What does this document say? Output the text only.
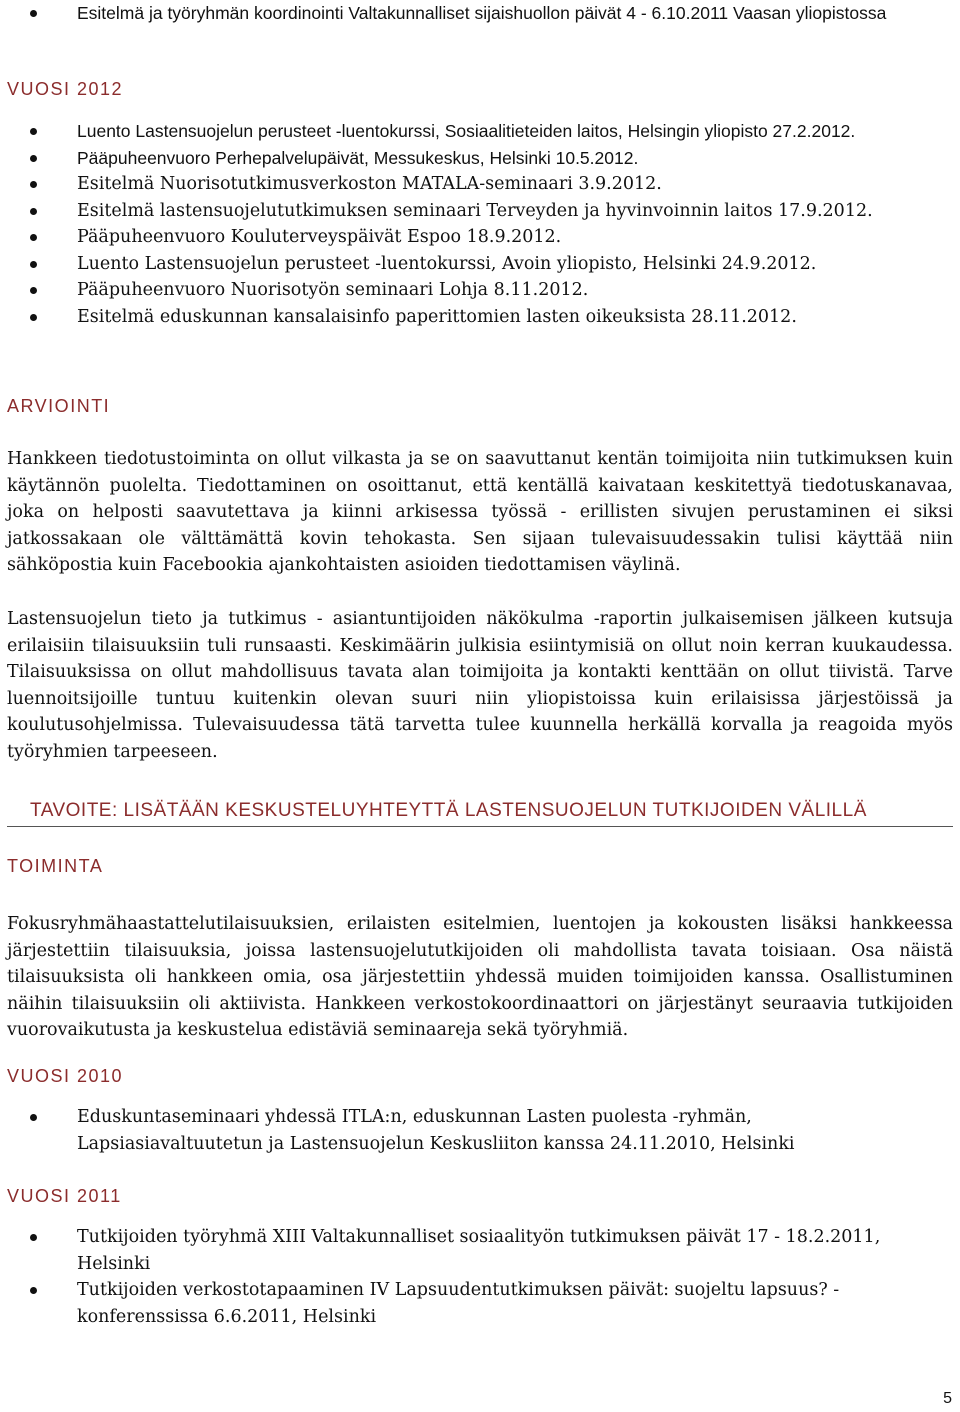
Esitelmä ja työryhmän koordinointi Valtakunnalliset sijaishuollon päivät 4 - 6.10.2011 Vaasan yliopistossa
VUOSI 2012
Luento Lastensuojelun perusteet -luentokurssi, Sosiaalitieteiden laitos, Helsingin yliopisto 27.2.2012.
Pääpuheenvuoro Perhepalvelupäivät, Messukeskus, Helsinki 10.5.2012.
Esitelmä Nuorisotutkimusverkoston MATALA-seminaari 3.9.2012.
Esitelmä lastensuojelututkimuksen seminaari Terveyden ja hyvinvoinnin laitos 17.9.2012.
Pääpuheenvuoro Kouluterveyspäivät Espoo 18.9.2012.
Luento Lastensuojelun perusteet -luentokurssi, Avoin yliopisto, Helsinki 24.9.2012.
Pääpuheenvuoro Nuorisotyön seminaari Lohja 8.11.2012.
Esitelmä eduskunnan kansalaisinfo paperittomien lasten oikeuksista 28.11.2012.
ARVIOINTI

Hankkeen tiedotustoiminta on ollut vilkasta ja se on saavuttanut kentän toimijoita niin tutkimuksen kuin käytännön puolelta. Tiedottaminen on osoittanut, että kentällä kaivataan keskitettyä tiedotuskanavaa, joka on helposti saavutettava ja kiinni arkisessa työssä - erillisten sivujen perustaminen ei siksi jatkossakaan ole välttämättä kovin tehokasta. Sen sijaan tulevaisuudessakin tulisi käyttää niin sähköpostia kuin Facebookia ajankohtaisten asioiden tiedottamisen väylinä.

Lastensuojelun tieto ja tutkimus - asiantuntijoiden näkökulma -raportin julkaisemisen jälkeen kutsuja erilaisiin tilaisuuksiin tuli runsaasti. Keskimäärin julkisia esiintymisiä on ollut noin kerran kuukaudessa. Tilaisuuksissa on ollut mahdollisuus tavata alan toimijoita ja kontakti kenttään on ollut tiivistä. Tarve luennoitsijoille tuntuu kuitenkin olevan suuri niin yliopistoissa kuin erilaisissa järjestöissä ja koulutusohjelmissa. Tulevaisuudessa tätä tarvetta tulee kuunnella herkällä korvalla ja reagoida myös työryhmien tarpeeseen.

TAVOITE: LISÄTÄÄN KESKUSTELUYHTEYTTÄ LASTENSUOJELUN TUTKIJOIDEN VÄLILLÄ
TOIMINTA

Fokusryhmähaastattelutilaisuuksien, erilaisten esitelmien, luentojen ja kokousten lisäksi hankkeessa järjestettiin tilaisuuksia, joissa lastensuojelututkijoiden oli mahdollista tavata toisiaan. Osa näistä tilaisuuksista oli hankkeen omia, osa järjestettiin yhdessä muiden toimijoiden kanssa. Osallistuminen näihin tilaisuuksiin oli aktiivista. Hankkeen verkostokoordinaattori on järjestänyt seuraavia tutkijoiden vuorovaikutusta ja keskustelua edistäviä seminaareja sekä työryhmiä.

VUOSI 2010
Eduskuntaseminaari yhdessä ITLA:n, eduskunnan Lasten puolesta -ryhmän, Lapsiasiavaltuutetun ja Lastensuojelun Keskusliiton kanssa 24.11.2010, Helsinki
VUOSI 2011
Tutkijoiden työryhmä XIII Valtakunnalliset sosiaalityön tutkimuksen päivät 17 - 18.2.2011, Helsinki
Tutkijoiden verkostotapaaminen IV Lapsuudentutkimuksen päivät: suojeltu lapsuus? - konferenssissa 6.6.2011, Helsinki
5
